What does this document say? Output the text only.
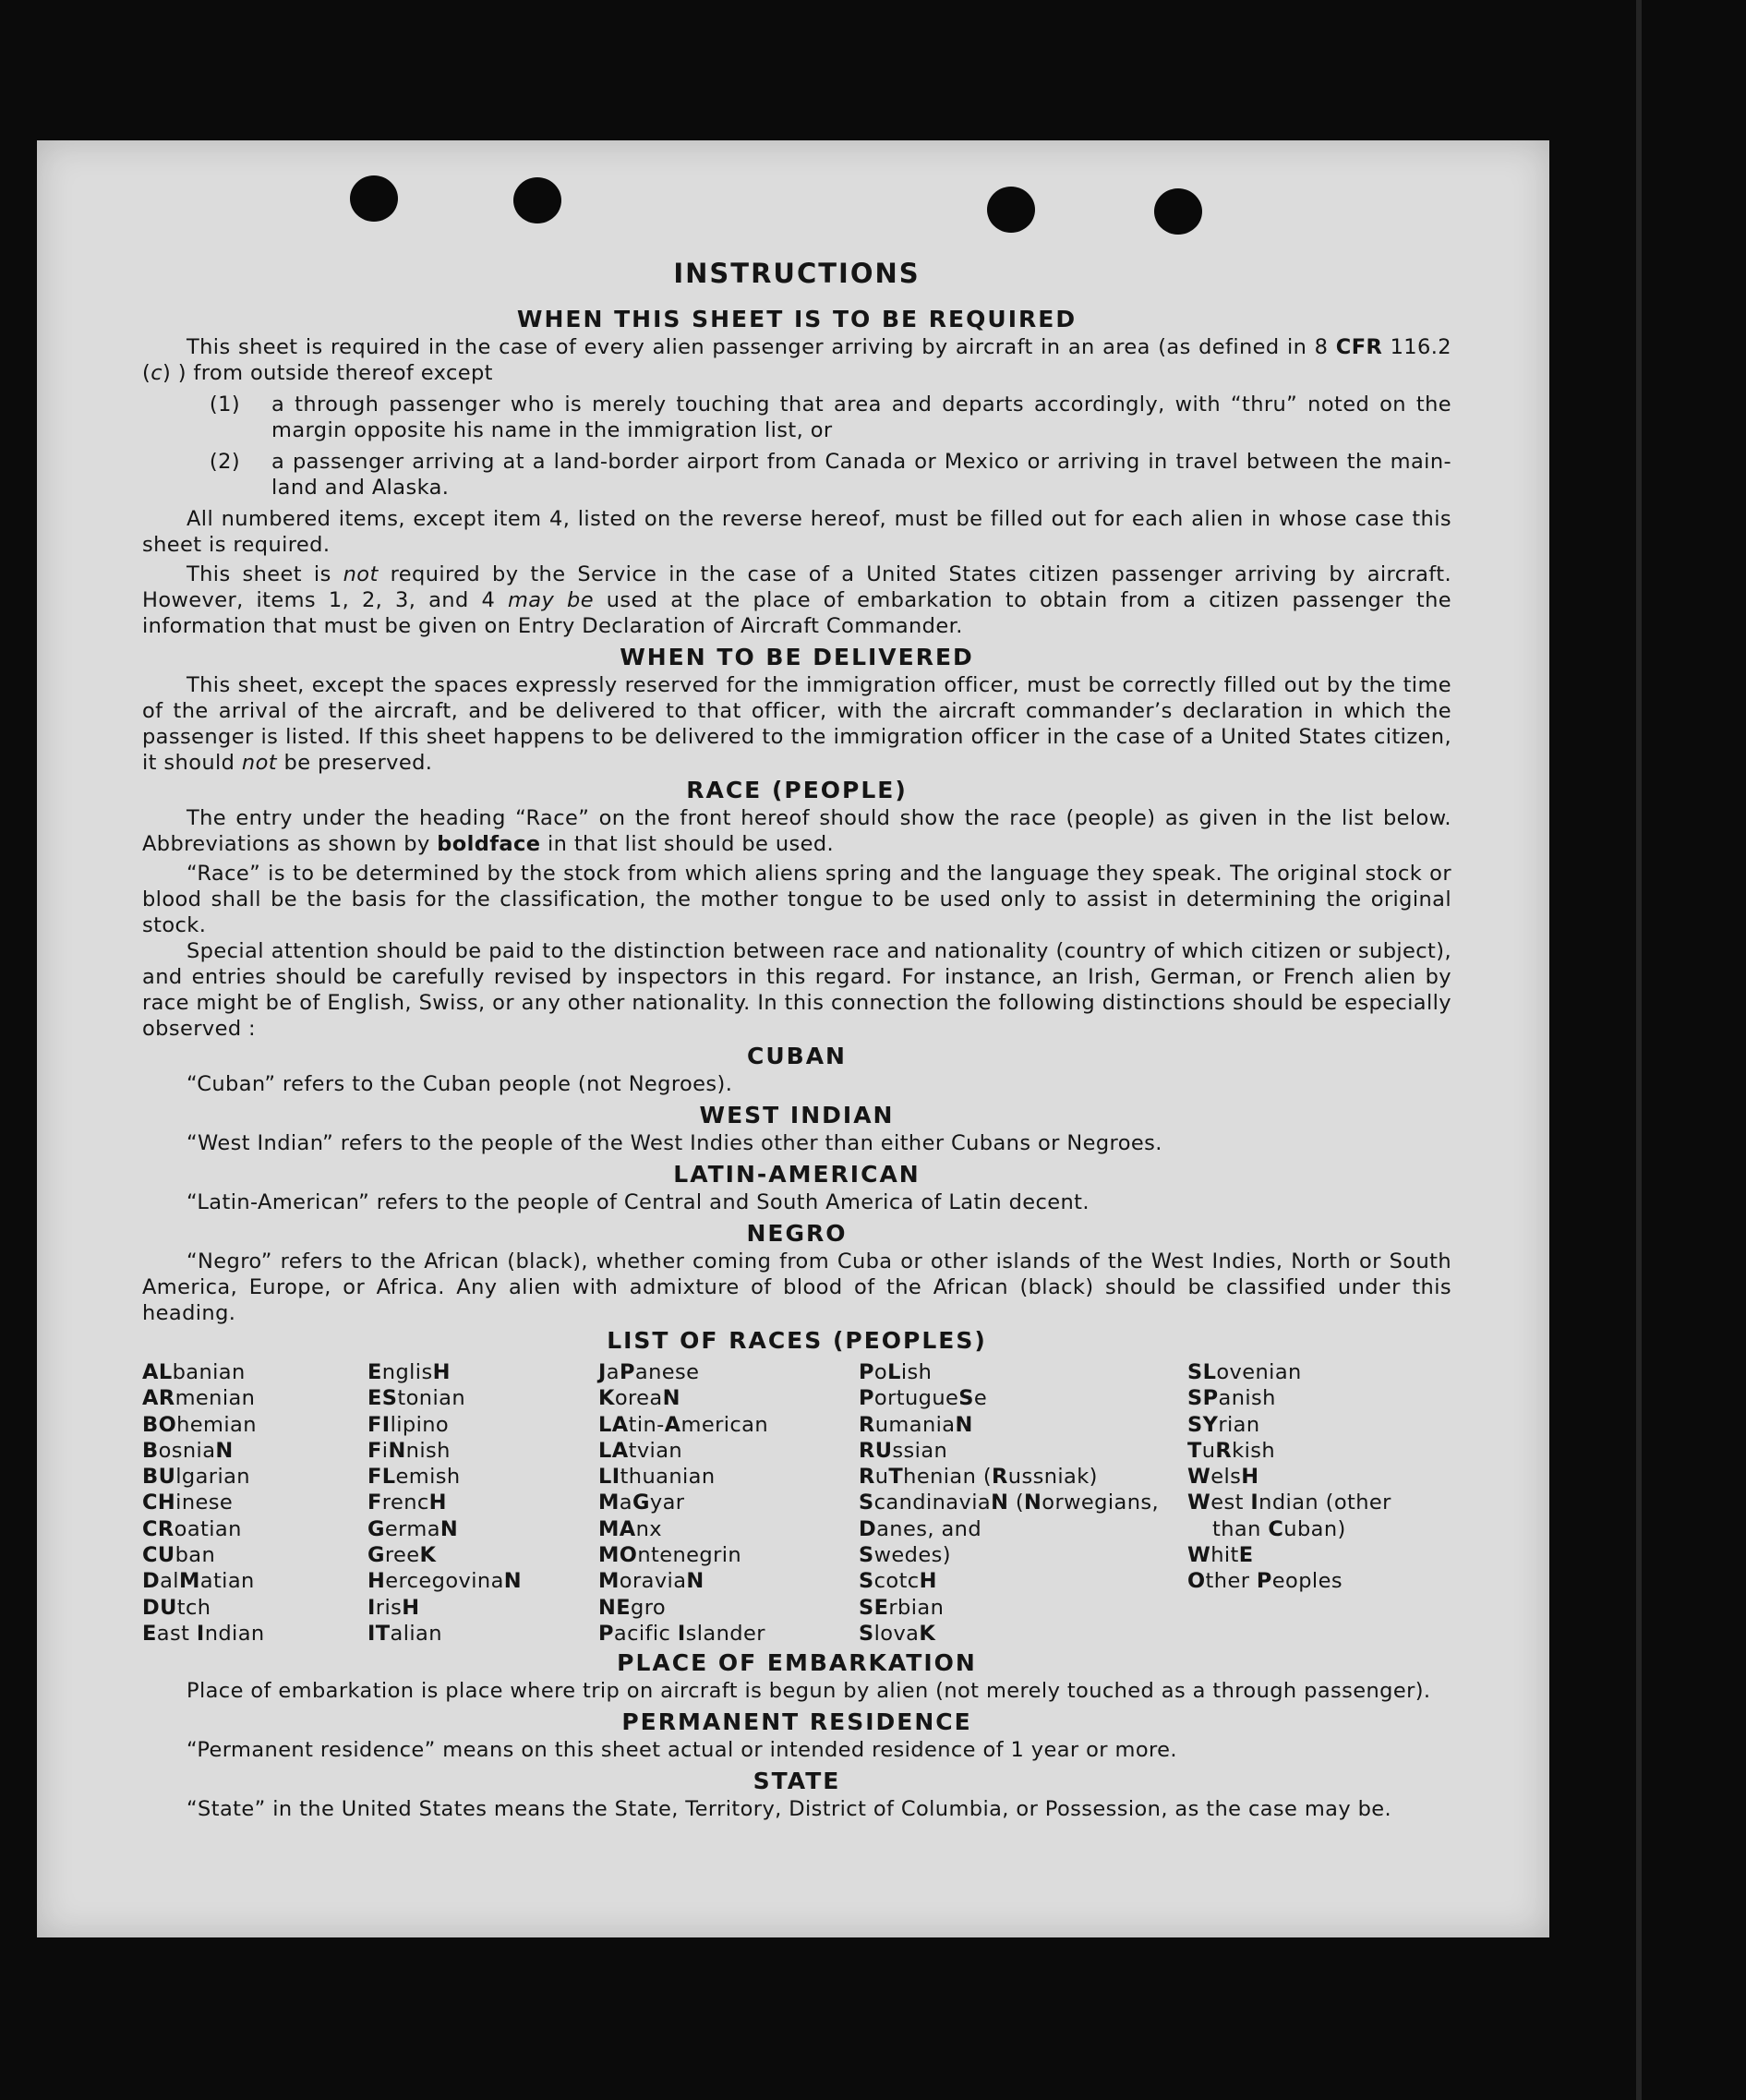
INSTRUCTIONS
WHEN THIS SHEET IS TO BE REQUIRED

This sheet is required in the case of every alien passenger arriving by aircraft in an area (as defined in 8 CFR 116.2 (c) ) from outside thereof except

(1)	a through passenger who is merely touching that area and departs accordingly, with “thru” noted on the margin opposite his name in the immigration list, or
(2)	a passenger arriving at a land-border airport from Canada or Mexico or arriving in travel between the main-land and Alaska.

All numbered items, except item 4, listed on the reverse hereof, must be filled out for each alien in whose case this sheet is required.

This sheet is not required by the Service in the case of a United States citizen passenger arriving by aircraft. However, items 1, 2, 3, and 4 may be used at the place of embarkation to obtain from a citizen passenger the information that must be given on Entry Declaration of Aircraft Commander.

WHEN TO BE DELIVERED

This sheet, except the spaces expressly reserved for the immigration officer, must be correctly filled out by the time of the arrival of the aircraft, and be delivered to that officer, with the aircraft commander’s declaration in which the passenger is listed. If this sheet happens to be delivered to the immigration officer in the case of a United States citizen, it should not be preserved.

RACE (PEOPLE)

The entry under the heading “Race” on the front hereof should show the race (people) as given in the list below. Abbreviations as shown by boldface in that list should be used.

“Race” is to be determined by the stock from which aliens spring and the language they speak. The original stock or blood shall be the basis for the classification, the mother tongue to be used only to assist in determining the original stock.

Special attention should be paid to the distinction between race and nationality (country of which citizen or subject), and entries should be carefully revised by inspectors in this regard. For instance, an Irish, German, or French alien by race might be of English, Swiss, or any other nationality. In this connection the following distinctions should be especially observed :

CUBAN

“Cuban” refers to the Cuban people (not Negroes).

WEST INDIAN

“West Indian” refers to the people of the West Indies other than either Cubans or Negroes.

LATIN-AMERICAN

“Latin-American” refers to the people of Central and South America of Latin decent.

NEGRO

“Negro” refers to the African (black), whether coming from Cuba or other islands of the West Indies, North or South America, Europe, or Africa. Any alien with admixture of blood of the African (black) should be classified under this heading.

LIST OF RACES (PEOPLES)
ALbanian
ARmenian
BOhemian
BosniaN
BUlgarian
CHinese
CRoatian
CUban
DalMatian
DUtch
East Indian
EnglisH
EStonian
FIlipino
FiNnish
FLemish
FrencH
GermaN
GreeK
HercegovinaN
IrisH
ITalian
JaPanese
KoreaN
LAtin-American
LAtvian
LIthuanian
MaGyar
MAnx
MOntenegrin
MoraviaN
NEgro
Pacific Islander
PoLish
PortugueSe
RumaniaN
RUssian
RuThenian (Russniak)
ScandinaviaN (Norwegians,
Danes, and
Swedes)
ScotcH
SErbian
SlovaK
SLovenian
SPanish
SYrian
TuRkish
WelsH
West Indian (other
than Cuban)
WhitE
Other Peoples
PLACE OF EMBARKATION

Place of embarkation is place where trip on aircraft is begun by alien (not merely touched as a through passenger).

PERMANENT RESIDENCE

“Permanent residence” means on this sheet actual or intended residence of 1 year or more.

STATE

“State” in the United States means the State, Territory, District of Columbia, or Possession, as the case may be.
